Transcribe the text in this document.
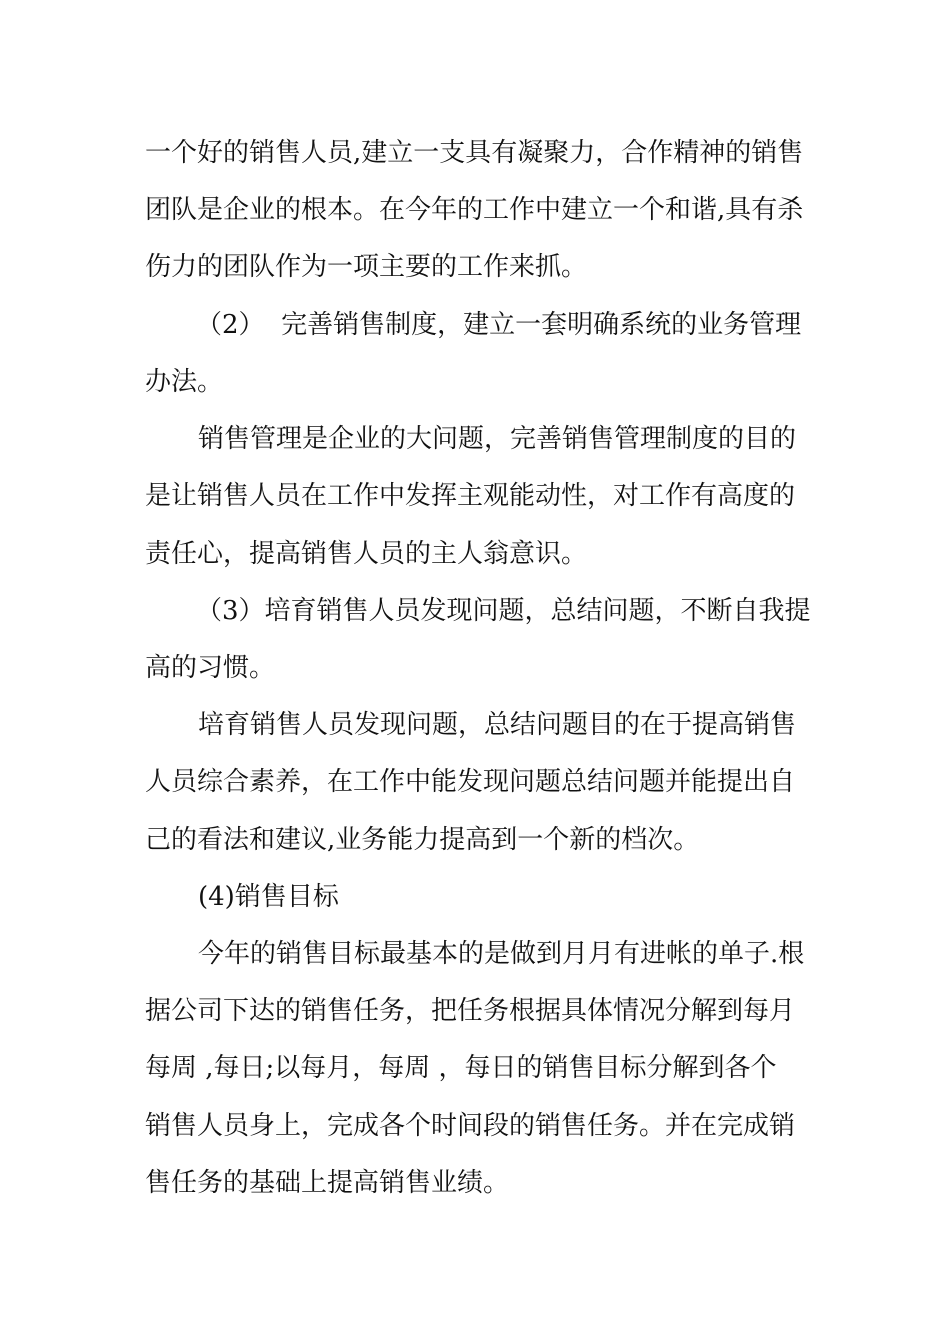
一个好的销售人员,建立一支具有凝聚力，合作精神的销售
团队是企业的根本。在今年的工作中建立一个和谐,具有杀
伤力的团队作为一项主要的工作来抓。
（2）  完善销售制度，建立一套明确系统的业务管理
办法。
销售管理是企业的大问题，完善销售管理制度的目的
是让销售人员在工作中发挥主观能动性，对工作有高度的
责任心，提高销售人员的主人翁意识。
（3）培育销售人员发现问题，总结问题，不断自我提
高的习惯。
培育销售人员发现问题，总结问题目的在于提高销售
人员综合素养，在工作中能发现问题总结问题并能提出自
己的看法和建议,业务能力提高到一个新的档次。
(4)销售目标
今年的销售目标最基本的是做到月月有进帐的单子.根
据公司下达的销售任务，把任务根据具体情况分解到每月
每周 ,每日;以每月，每周 ，每日的销售目标分解到各个
销售人员身上，完成各个时间段的销售任务。并在完成销
售任务的基础上提高销售业绩。
